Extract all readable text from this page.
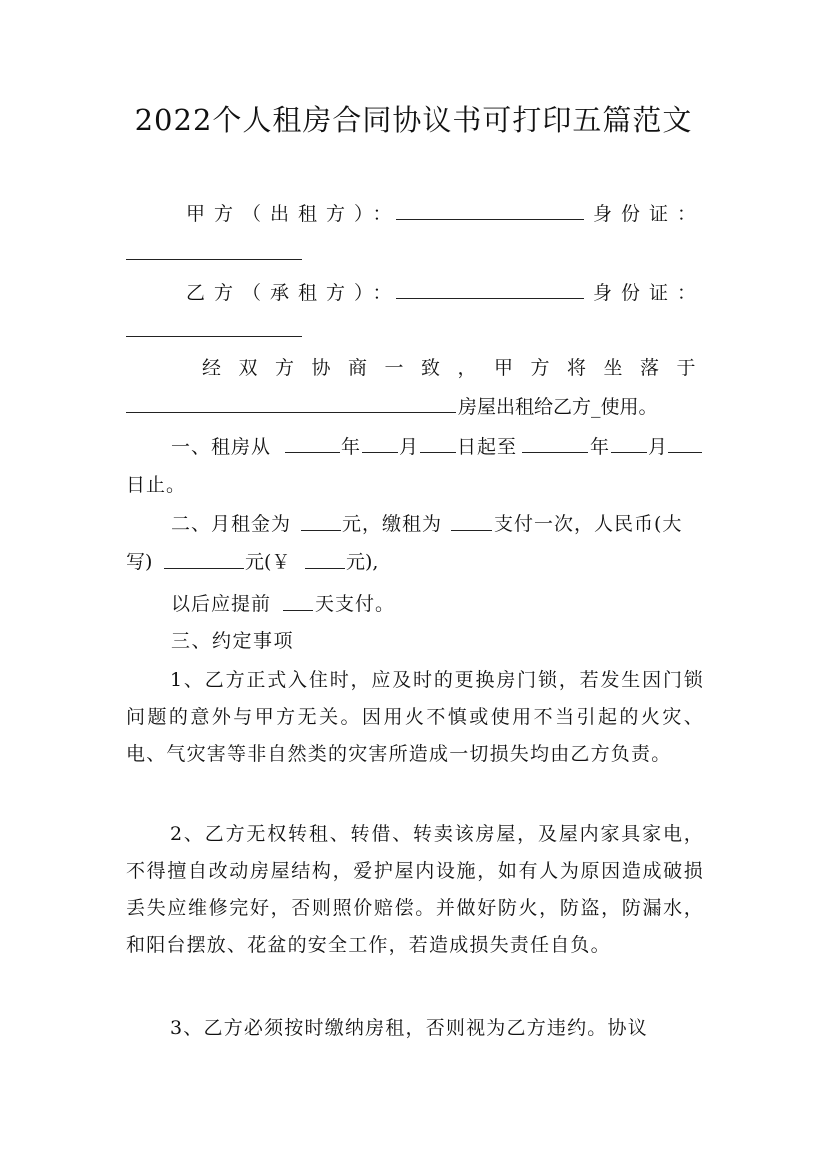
2022个人租房合同协议书可打印五篇范文
甲方（出租方）：	身份证：
乙方（承租方）：	身份证：
经双方协商一致，甲方将坐落于
房屋出租给乙方_使用。
一、租房从	年 月 日起至	年 月
日止。
二、月租金为	元，缴租为	支付一次，人民币(大
写)	元(￥	元),
以后应提前 天支付。
三、约定事项
1、乙方正式入住时，应及时的更换房门锁，若发生因门锁问题的意外与甲方无关。因用火不慎或使用不当引起的火灾、电、气灾害等非自然类的灾害所造成一切损失均由乙方负责。
2、乙方无权转租、转借、转卖该房屋，及屋内家具家电，不得擅自改动房屋结构，爱护屋内设施，如有人为原因造成破损丢失应维修完好，否则照价赔偿。并做好防火，防盗，防漏水，和阳台摆放、花盆的安全工作，若造成损失责任自负。
3、乙方必须按时缴纳房租，否则视为乙方违约。协议
